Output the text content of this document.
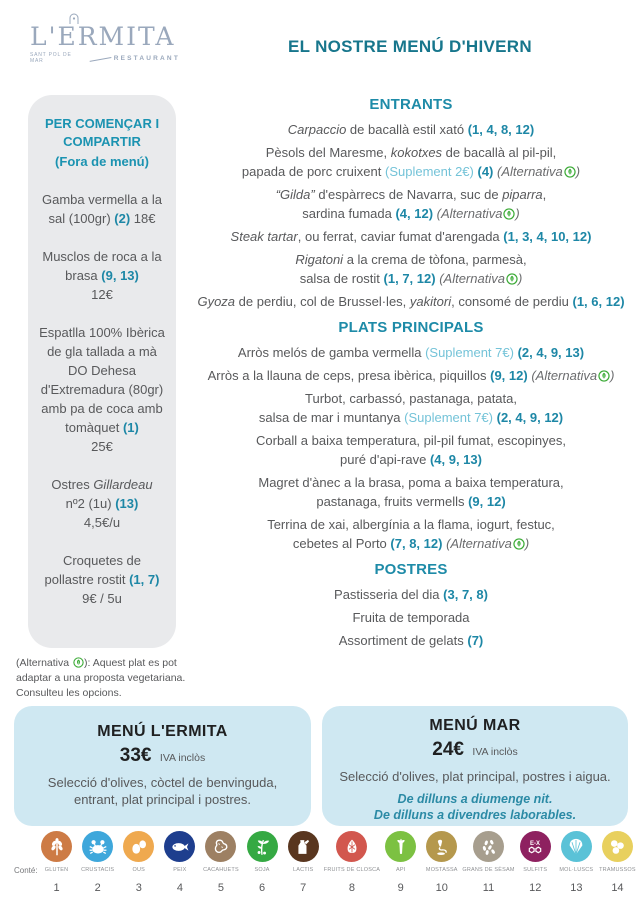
L'ERMITA
SANT POL DE MAR	RESTAURANT
EL NOSTRE MENÚ D'HIVERN
PER COMENÇAR I COMPARTIR
(Fora de menú)
Gamba vermella a la sal (100gr) (2) 18€
Musclos de roca a la brasa (9, 13)
12€
Espatlla 100% Ibèrica de gla tallada a mà DO Dehesa d'Extremadura (80gr) amb pa de coca amb tomàquet (1)
25€
Ostres Gillardeau
nº2 (1u) (13)
4,5€/u
Croquetes de pollastre rostit (1, 7)
9€ / 5u
ENTRANTS
Carpaccio de bacallà estil xató (1, 4, 8, 12)
Pèsols del Maresme, kokotxes de bacallà al pil-pil,
papada de porc cruixent (Suplement 2€) (4) (Alternativa )
“Gilda” d'espàrrecs de Navarra, suc de piparra,
sardina fumada (4, 12) (Alternativa )
Steak tartar, ou ferrat, caviar fumat d'arengada (1, 3, 4, 10, 12)
Rigatoni a la crema de tòfona, parmesà,
salsa de rostit (1, 7, 12) (Alternativa )
Gyoza de perdiu, col de Brussel·les, yakitori, consomé de perdiu (1, 6, 12)
PLATS PRINCIPALS
Arròs melós de gamba vermella (Suplement 7€) (2, 4, 9, 13)
Arròs a la llauna de ceps, presa ibèrica, piquillos (9, 12) (Alternativa )
Turbot, carbassó, pastanaga, patata,
salsa de mar i muntanya (Suplement 7€) (2, 4, 9, 12)
Corball a baixa temperatura, pil-pil fumat, escopinyes,
puré d'api-rave (4, 9, 13)
Magret d'ànec a la brasa, poma a baixa temperatura,
pastanaga, fruits vermells (9, 12)
Terrina de xai, albergínia a la flama, iogurt, festuc,
cebetes al Porto (7, 8, 12) (Alternativa )
POSTRES
Pastisseria del dia (3, 7, 8)
Fruita de temporada
Assortiment de gelats (7)
(Alternativa ): Aquest plat es pot adaptar a una proposta vegetariana. Consulteu les opcions.
MENÚ L'ERMITA
33€ IVA inclòs
Selecció d'olives, còctel de benvinguda, entrant, plat principal i postres.
MENÚ MAR
24€ IVA inclòs
Selecció d'olives, plat principal, postres i aigua.
De dilluns a diumenge nit.
De dilluns a divendres laborables.
Conté:	GLUTEN
1
CRUSTACIS
2
OUS
3
PEIX
4
CACAHUETS
5
SOJA
6
LACTIS
7
FRUITS DE CLOSCA
8
API
9
MOSTASSA
10
GRANS DE SÈSAM
11
E-X
SULFITS
12
MOL·LUSCS
13
TRAMUSSOS
14
